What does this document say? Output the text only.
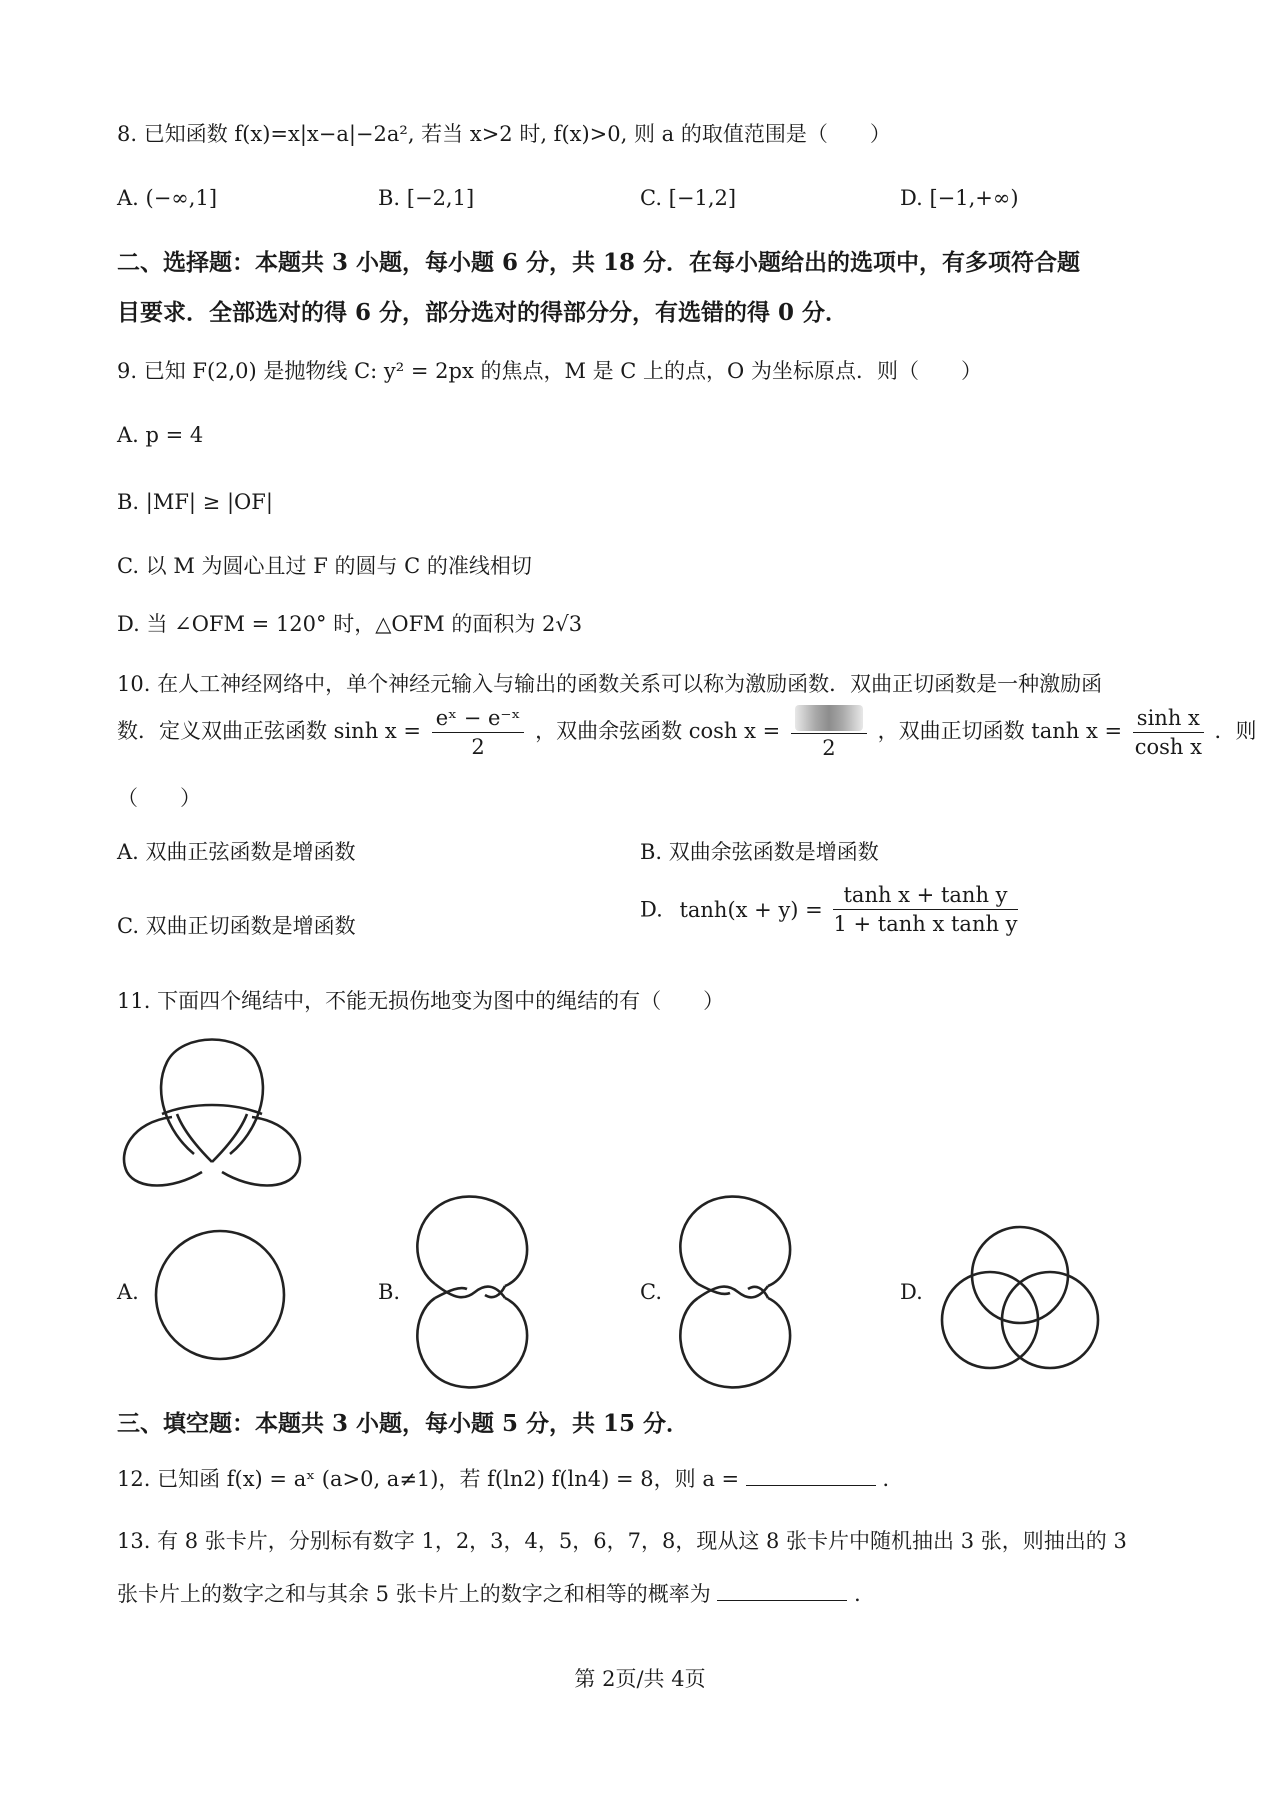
8. 已知函数 f(x)=x|x−a|−2a², 若当 x>2 时, f(x)>0, 则 a 的取值范围是（　　）
A. (−∞,1]	B. [−2,1]	C. [−1,2]	D. [−1,+∞)
二、选择题：本题共 3 小题，每小题 6 分，共 18 分．在每小题给出的选项中，有多项符合题
目要求．全部选对的得 6 分，部分选对的得部分分，有选错的得 0 分．
9. 已知 F(2,0) 是抛物线 C: y² = 2px 的焦点，M 是 C 上的点，O 为坐标原点．则（　　）
A. p = 4
B. |MF| ≥ |OF|
C. 以 M 为圆心且过 F 的圆与 C 的准线相切
D. 当 ∠OFM = 120° 时，△OFM 的面积为 2√3
10. 在人工神经网络中，单个神经元输入与输出的函数关系可以称为激励函数．双曲正切函数是一种激励函
数．定义双曲正弦函数 $\sinh x = \frac{\text{eˣ − e⁻ˣ}}{2}$ ，双曲余弦函数 cosh x =
2
，双曲正切函数 $\tanh x = \frac{\text{sinh x}}{\text{cosh x}}$ ．则
（　　）
A. 双曲正弦函数是增函数	B. 双曲余弦函数是增函数
C. 双曲正切函数是增函数
D. $\tanh(x + y) = \frac{\text{tanh x + tanh y}}{\text{1 + tanh x tanh y}}$
11. 下面四个绳结中，不能无损伤地变为图中的绳结的有（　　）
A.	B.	C.	D.
三、填空题：本题共 3 小题，每小题 5 分，共 15 分．
12. 已知函 f(x) = aˣ (a>0, a≠1)，若 f(ln2) f(ln4) = 8，则 a =	．
13. 有 8 张卡片，分别标有数字 1，2，3，4，5，6，7，8，现从这 8 张卡片中随机抽出 3 张，则抽出的 3
张卡片上的数字之和与其余 5 张卡片上的数字之和相等的概率为	．
第 2页/共 4页
